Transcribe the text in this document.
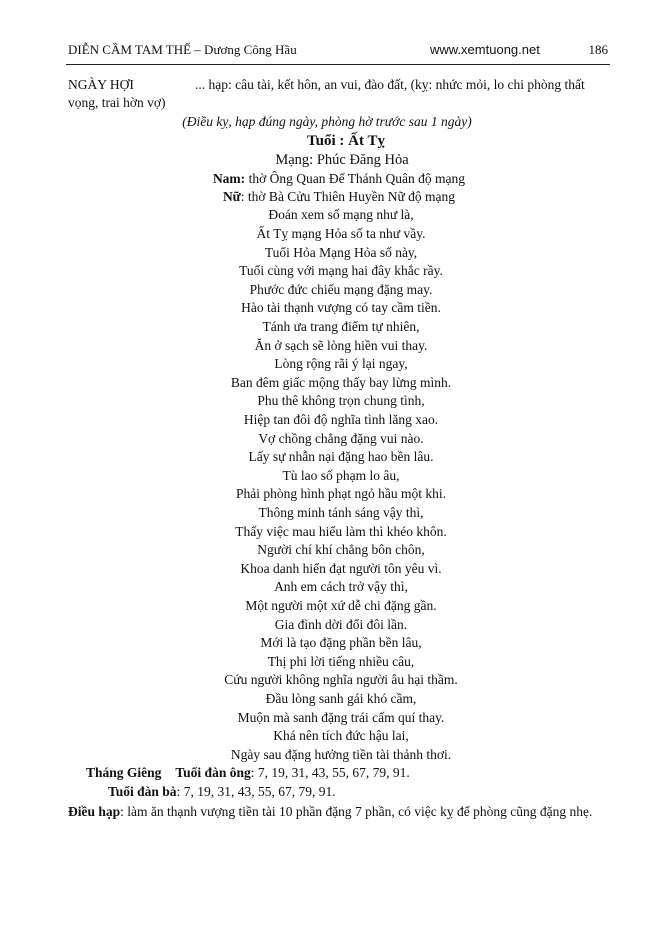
DIỄN CẦM TAM THẾ – Dương Công Hầu	www.xemtuong.net	186

NGÀY HỢI	... hạp: câu tài, kết hôn, an vui, đào đất, (kỵ: nhức mỏi, lo chi phòng thất vọng, trai hờn vợ)

(Điều kỵ, hạp đúng ngày, phòng hờ trước sau 1 ngày)

Tuổi : Ất Tỵ
Mạng: Phúc Đăng Hỏa
Nam: thờ Ông Quan Đế Thánh Quân độ mạng
Nữ: thờ Bà Cửu Thiên Huyền Nữ độ mạng
Đoán xem số mạng như là,
Ất Tỵ mạng Hỏa số ta như vầy.
Tuổi Hỏa Mạng Hỏa số này,
Tuổi cùng với mạng hai đây khắc rầy.
Phước đức chiếu mạng đặng may.
Hào tài thạnh vượng có tay cầm tiền.
Tánh ưa trang điểm tự nhiên,
Ăn ở sạch sẽ lòng hiền vui thay.
Lòng rộng rãi ý lại ngay,
Ban đêm giấc mộng thấy bay lừng mình.
Phu thê không trọn chung tình,
Hiệp tan đôi độ nghĩa tình lăng xao.
Vợ chồng chẳng đặng vui nào.
Lấy sự nhẫn nại đặng hao bền lâu.
Tù lao số phạm lo âu,
Phải phòng hình phạt ngỏ hầu một khi.
Thông minh tánh sáng vậy thì,
Thấy việc mau hiểu làm thì khéo khôn.
Người chí khí chẳng bôn chôn,
Khoa danh hiển đạt người tôn yêu vì.
Anh em cách trở vậy thì,
Một người một xứ dễ chi đặng gần.
Gia đình dời đổi đôi lần.
Mới là tạo đặng phần bền lâu,
Thị phi lời tiếng nhiều câu,
Cứu người không nghĩa người âu hại thầm.
Đầu lòng sanh gái khó cầm,
Muộn mà sanh đặng trái cấm quí thay.
Khá nên tích đức hậu lai,
Ngày sau đặng hưởng tiền tài thảnh thơi.
Tháng Giêng Tuổi đàn ông: 7, 19, 31, 43, 55, 67, 79, 91.
Tuổi đàn bà: 7, 19, 31, 43, 55, 67, 79, 91.
Điều hạp: làm ăn thạnh vượng tiền tài 10 phần đặng 7 phần, có việc kỵ để phòng cũng đặng nhẹ.
